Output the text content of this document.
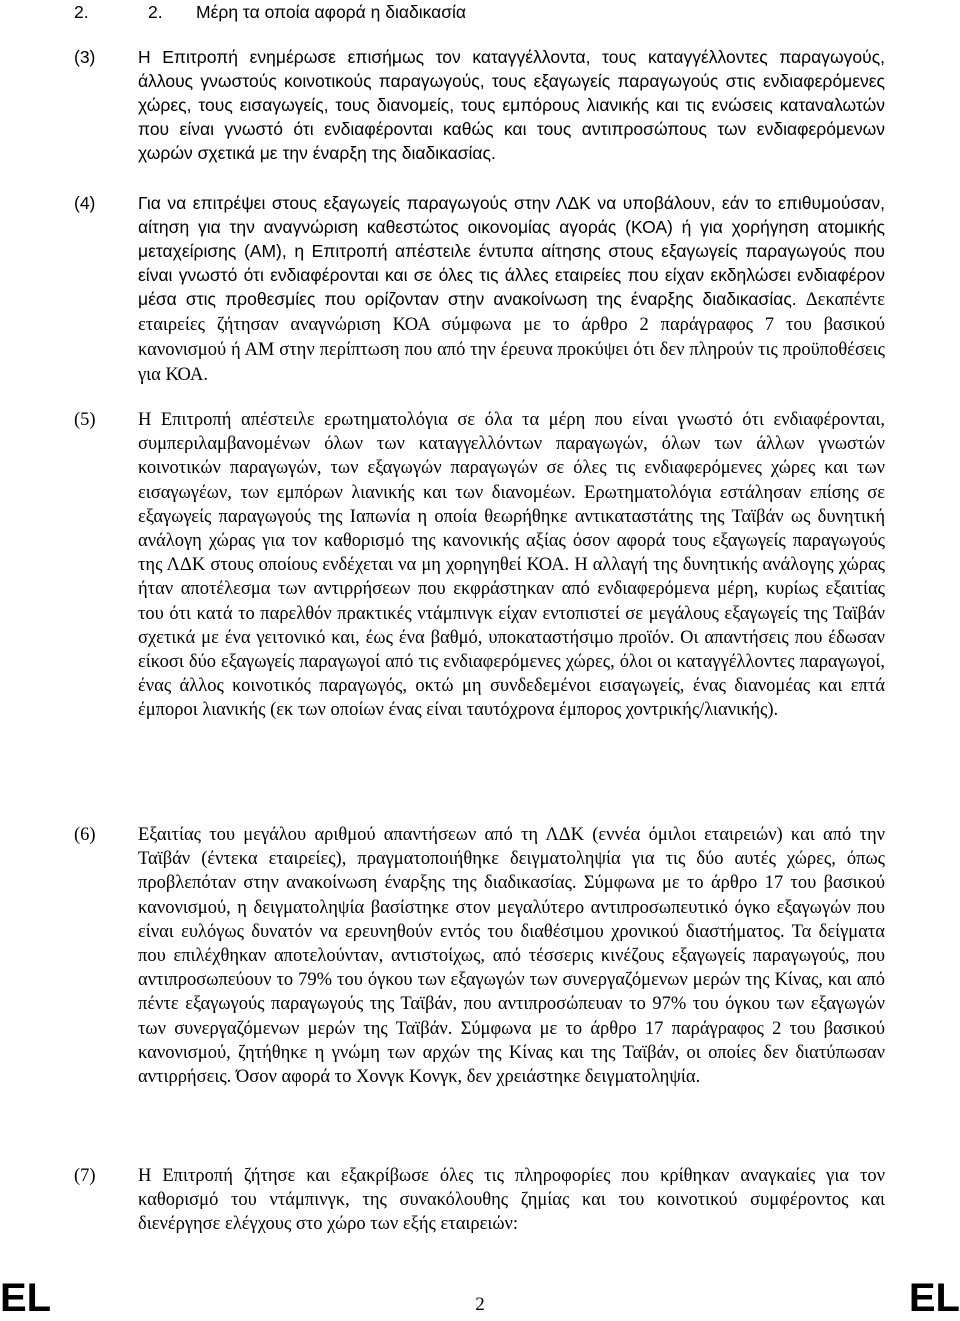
2.	2. Μέρη τα οποία αφορά η διαδικασία
(3) Η Επιτροπή ενημέρωσε επισήμως τον καταγγέλλοντα, τους καταγγέλλοντες παραγωγούς, άλλους γνωστούς κοινοτικούς παραγωγούς, τους εξαγωγείς παραγωγούς στις ενδιαφερόμενες χώρες, τους εισαγωγείς, τους διανομείς, τους εμπόρους λιανικής και τις ενώσεις καταναλωτών που είναι γνωστό ότι ενδιαφέρονται καθώς και τους αντιπροσώπους των ενδιαφερόμενων χωρών σχετικά με την έναρξη της διαδικασίας.
(4) Για να επιτρέψει στους εξαγωγείς παραγωγούς στην ΛΔΚ να υποβάλουν, εάν το επιθυμούσαν, αίτηση για την αναγνώριση καθεστώτος οικονομίας αγοράς (ΚΟΑ) ή για χορήγηση ατομικής μεταχείρισης (ΑΜ), η Επιτροπή απέστειλε έντυπα αίτησης στους εξαγωγείς παραγωγούς που είναι γνωστό ότι ενδιαφέρονται και σε όλες τις άλλες εταιρείες που είχαν εκδηλώσει ενδιαφέρον μέσα στις προθεσμίες που ορίζονταν στην ανακοίνωση της έναρξης διαδικασίας. Δεκαπέντε εταιρείες ζήτησαν αναγνώριση ΚΟΑ σύμφωνα με το άρθρο 2 παράγραφος 7 του βασικού κανονισμού ή ΑΜ στην περίπτωση που από την έρευνα προκύψει ότι δεν πληρούν τις προϋποθέσεις για ΚΟΑ.
(5) Η Επιτροπή απέστειλε ερωτηματολόγια σε όλα τα μέρη που είναι γνωστό ότι ενδιαφέρονται, συμπεριλαμβανομένων όλων των καταγγελλόντων παραγωγών, όλων των άλλων γνωστών κοινοτικών παραγωγών, των εξαγωγών παραγωγών σε όλες τις ενδιαφερόμενες χώρες και των εισαγωγέων, των εμπόρων λιανικής και των διανομέων. Ερωτηματολόγια εστάλησαν επίσης σε εξαγωγείς παραγωγούς της Ιαπωνία η οποία θεωρήθηκε αντικαταστάτης της Ταϊβάν ως δυνητική ανάλογη χώρας για τον καθορισμό της κανονικής αξίας όσον αφορά τους εξαγωγείς παραγωγούς της ΛΔΚ στους οποίους ενδέχεται να μη χορηγηθεί ΚΟΑ. Η αλλαγή της δυνητικής ανάλογης χώρας ήταν αποτέλεσμα των αντιρρήσεων που εκφράστηκαν από ενδιαφερόμενα μέρη, κυρίως εξαιτίας του ότι κατά το παρελθόν πρακτικές ντάμπινγκ είχαν εντοπιστεί σε μεγάλους εξαγωγείς της Ταϊβάν σχετικά με ένα γειτονικό και, έως ένα βαθμό, υποκαταστήσιμο προϊόν. Οι απαντήσεις που έδωσαν είκοσι δύο εξαγωγείς παραγωγοί από τις ενδιαφερόμενες χώρες, όλοι οι καταγγέλλοντες παραγωγοί, ένας άλλος κοινοτικός παραγωγός, οκτώ μη συνδεδεμένοι εισαγωγείς, ένας διανομέας και επτά έμποροι λιανικής (εκ των οποίων ένας είναι ταυτόχρονα έμπορος χοντρικής/λιανικής).
(6) Εξαιτίας του μεγάλου αριθμού απαντήσεων από τη ΛΔΚ (εννέα όμιλοι εταιρειών) και από την Ταϊβάν (έντεκα εταιρείες), πραγματοποιήθηκε δειγματοληψία για τις δύο αυτές χώρες, όπως προβλεπόταν στην ανακοίνωση έναρξης της διαδικασίας. Σύμφωνα με το άρθρο 17 του βασικού κανονισμού, η δειγματοληψία βασίστηκε στον μεγαλύτερο αντιπροσωπευτικό όγκο εξαγωγών που είναι ευλόγως δυνατόν να ερευνηθούν εντός του διαθέσιμου χρονικού διαστήματος. Τα δείγματα που επιλέχθηκαν αποτελούνταν, αντιστοίχως, από τέσσερις κινέζους εξαγωγείς παραγωγούς, που αντιπροσωπεύουν το 79% του όγκου των εξαγωγών των συνεργαζόμενων μερών της Κίνας, και από πέντε εξαγωγούς παραγωγούς της Ταϊβάν, που αντιπροσώπευαν το 97% του όγκου των εξαγωγών των συνεργαζόμενων μερών της Ταϊβάν. Σύμφωνα με το άρθρο 17 παράγραφος 2 του βασικού κανονισμού, ζητήθηκε η γνώμη των αρχών της Κίνας και της Ταϊβάν, οι οποίες δεν διατύπωσαν αντιρρήσεις. Όσον αφορά το Χονγκ Κονγκ, δεν χρειάστηκε δειγματοληψία.
(7) Η Επιτροπή ζήτησε και εξακρίβωσε όλες τις πληροφορίες που κρίθηκαν αναγκαίες για τον καθορισμό του ντάμπινγκ, της συνακόλουθης ζημίας και του κοινοτικού συμφέροντος και διενέργησε ελέγχους στο χώρο των εξής εταιρειών:
EL	2	EL
